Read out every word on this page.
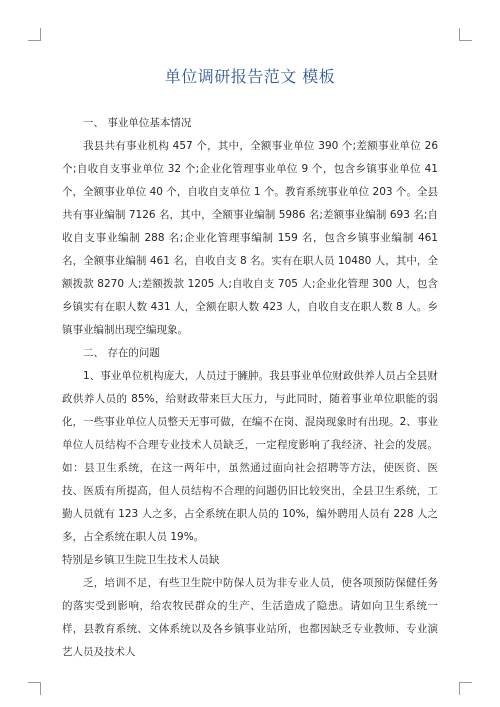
单位调研报告范文 模板

一、 事业单位基本情况

我县共有事业机构 457 个，其中，全额事业单位 390 个;差额事业单位 26 个;自收自支事业单位 32 个;企业化管理事业单位 9 个，包含乡镇事业单位 41 个，全额事业单位 40 个，自收自支单位 1 个。教育系统事业单位 203 个。全县共有事业编制 7126 名，其中，全额事业编制 5986 名;差额事业编制 693 名;自收自支事业编制 288 名;企业化管理事编制 159 名，包含乡镇事业编制 461 名，全额事业编制 461 名，自收自支 8 名。实有在职人员 10480 人，其中，全额拨款 8270 人;差额拨款 1205 人;自收自支 705 人;企业化管理 300 人，包含乡镇实有在职人数 431 人，全额在职人数 423 人，自收自支在职人数 8 人。乡镇事业编制出现空编现象。

二、 存在的问题

1、事业单位机构庞大，人员过于臃肿。我县事业单位财政供养人员占全县财政供养人员的 85%，给财政带来巨大压力，与此同时，随着事业单位职能的弱化，一些事业单位人员整天无事可做，在编不在岗、混岗现象时有出现。2、事业单位人员结构不合理专业技术人员缺乏，一定程度影响了我经济、社会的发展。如：县卫生系统，在这一两年中，虽然通过面向社会招聘等方法，使医资、医技、医质有所提高，但人员结构不合理的问题仍旧比较突出，全县卫生系统，工勤人员就有 123 人之多，占全系统在职人员的 10%，编外聘用人员有 228 人之多，占全系统在职人员 19%。

特别是乡镇卫生院卫生技术人员缺

乏，培训不足，有些卫生院中防保人员为非专业人员，使各项预防保健任务的落实受到影响，给农牧民群众的生产、生活造成了隐患。请如向卫生系统一样，县教育系统、文体系统以及各乡镇事业站所，也都因缺乏专业教师、专业演艺人员及技术人
